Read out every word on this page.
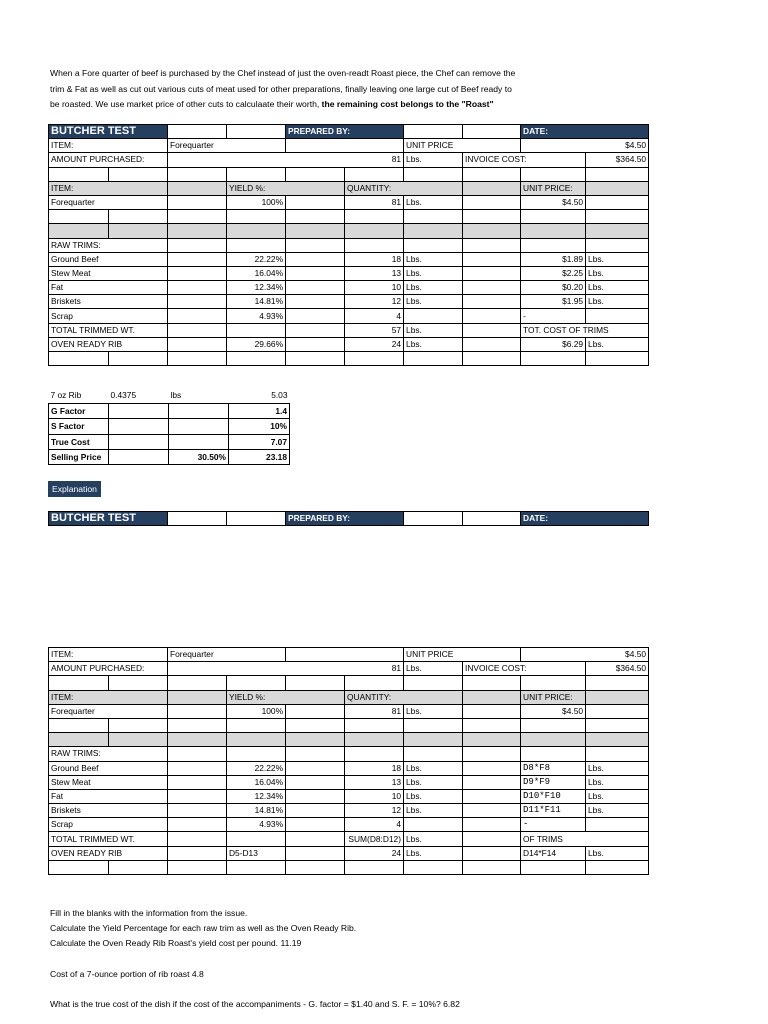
When a Fore quarter of beef is purchased by the Chef instead of just the oven-readt Roast piece, the Chef can remove the
trim & Fat as well as cut out various cuts of meat used for other preparations, finally leaving one large cut of Beef ready to
be roasted. We use market price of other cuts to calculaate their worth, the remaining cost belongs to the "Roast"
BUTCHER TEST				PREPARED BY:				DATE:	
ITEM:		Forequarter				UNIT PRICE		$4.50	
AMOUNT PURCHASED:		81				Lbs.	INVOICE COST:		$364.50

ITEM:			YIELD %:		QUANTITY:			UNIT PRICE:	
Forequarter			100%		81	Lbs.		$4.50	

RAW TRIMS:									
Ground Beef			22.22%		18	Lbs.		$1.89	Lbs.
Stew Meat			16.04%		13	Lbs.		$2.25	Lbs.
Fat			12.34%		10	Lbs.		$0.20	Lbs.
Briskets			14.81%		12	Lbs.		$1.95	Lbs.
Scrap			4.93%		4			-	
TOTAL TRIMMED WT.					57	Lbs.		TOT. COST OF TRIMS	
OVEN READY RIB			29.66%		24	Lbs.		$6.29	Lbs.

7 oz Rib	0.4375	lbs	5.03
G Factor			1.4
S Factor			10%
True Cost			7.07
Selling Price		30.50%	23.18
Explanation
BUTCHER TEST			PREPARED BY:			DATE:
ITEM:		Forequarter				UNIT PRICE		$4.50	
AMOUNT PURCHASED:		81				Lbs.	INVOICE COST:		$364.50

ITEM:			YIELD %:		QUANTITY:			UNIT PRICE:	
Forequarter			100%		81	Lbs.		$4.50	

RAW TRIMS:									
Ground Beef			22.22%		18	Lbs.		D8*F8	Lbs.
Stew Meat			16.04%		13	Lbs.		D9*F9	Lbs.
Fat			12.34%		10	Lbs.		D10*F10	Lbs.
Briskets			14.81%		12	Lbs.		D11*F11	Lbs.
Scrap			4.93%		4			-	
TOTAL TRIMMED WT.					SUM(D8:D12)	Lbs.		OF TRIMS	
OVEN READY RIB			D5-D13		24	Lbs.		D14*F14	Lbs.

Fill in the blanks with the information from the issue.

Calculate the Yield Percentage for each raw trim as well as the Oven Ready Rib.

Calculate the Oven Ready Rib Roast's yield cost per pound. 11.19

Cost of a 7-ounce portion of rib roast 4.8

What is the true cost of the dish if the cost of the accompaniments - G. factor = $1.40 and S. F. = 10%? 6.82
